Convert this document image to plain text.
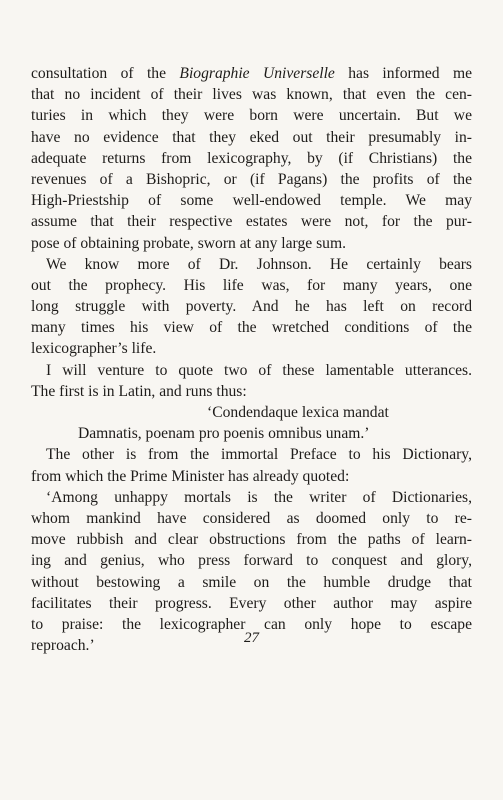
consultation of the Biographie Universelle has informed me
that no incident of their lives was known, that even the cen‐
turies in which they were born were uncertain. But we
have no evidence that they eked out their presumably in‐
adequate returns from lexicography, by (if Christians) the
revenues of a Bishopric, or (if Pagans) the profits of the
High‐Priestship of some well‐endowed temple. We may
assume that their respective estates were not, for the pur‐
pose of obtaining probate, sworn at any large sum.
We know more of Dr. Johnson. He certainly bears
out the prophecy. His life was, for many years, one
long struggle with poverty. And he has left on record
many times his view of the wretched conditions of the
lexicographer’s life.
I will venture to quote two of these lamentable utterances.
The first is in Latin, and runs thus:
‘Condendaque lexica mandat
Damnatis, poenam pro poenis omnibus unam.’
The other is from the immortal Preface to his Dictionary,
from which the Prime Minister has already quoted:
‘Among unhappy mortals is the writer of Dictionaries,
whom mankind have considered as doomed only to re‐
move rubbish and clear obstructions from the paths of learn‐
ing and genius, who press forward to conquest and glory,
without bestowing a smile on the humble drudge that
facilitates their progress. Every other author may aspire
to praise: the lexicographer can only hope to escape
reproach.’	27
